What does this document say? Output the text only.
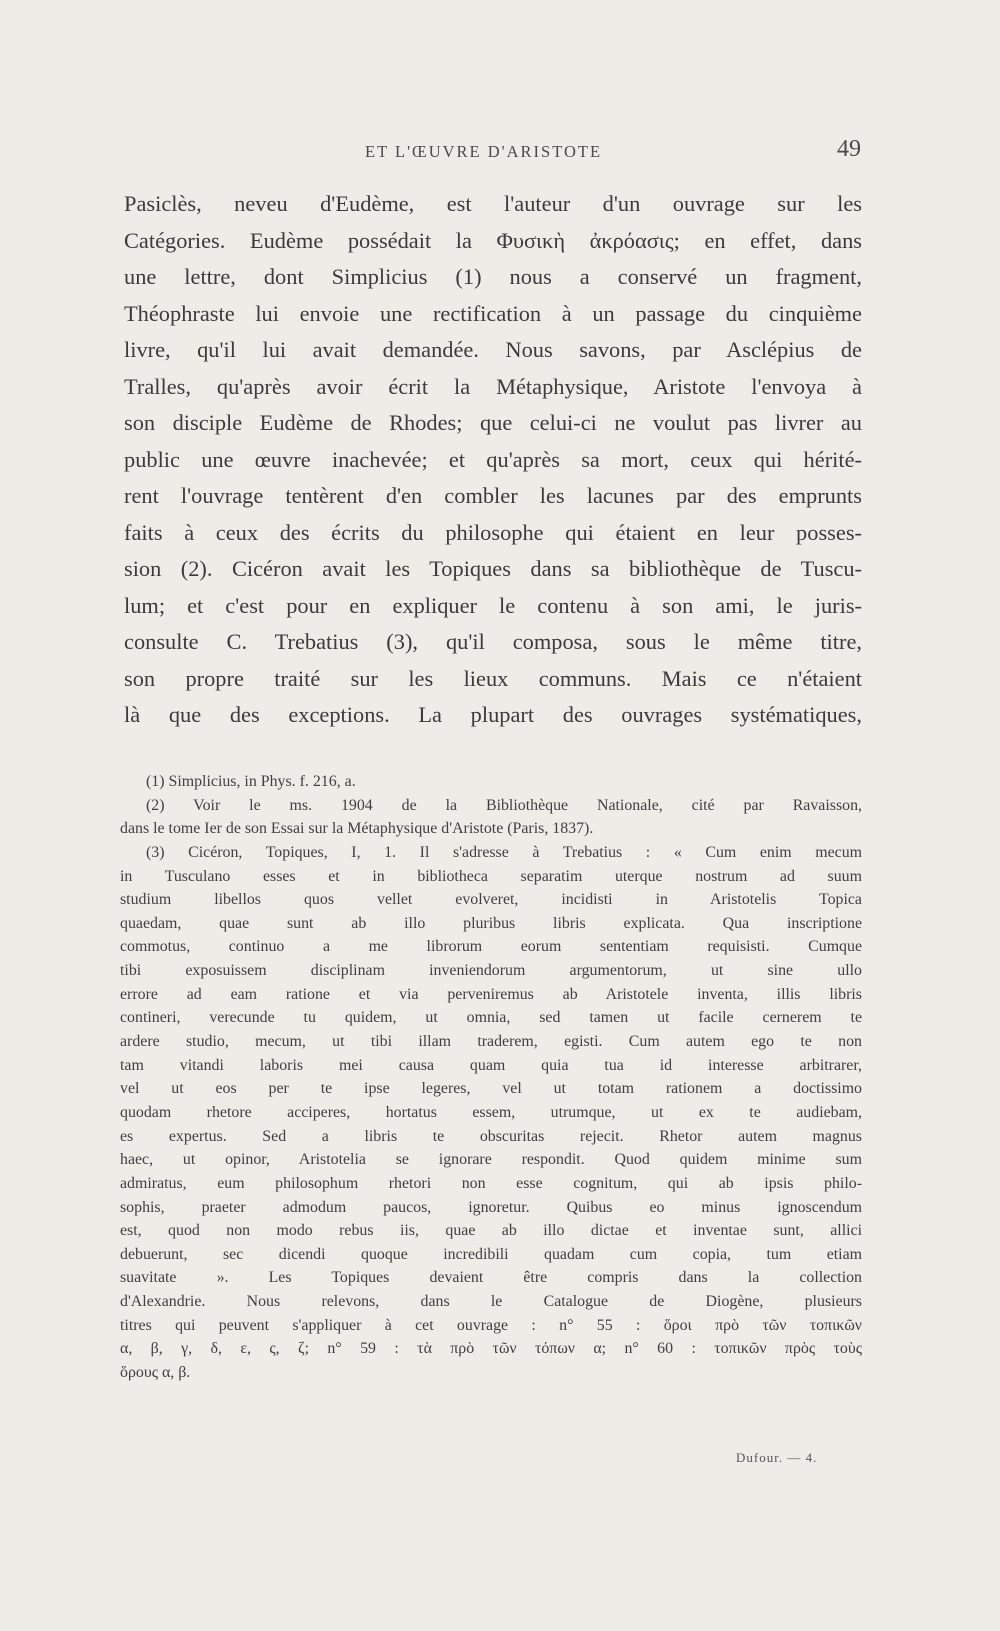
ET L'ŒUVRE D'ARISTOTE	49
Pasiclès, neveu d'Eudème, est l'auteur d'un ouvrage sur les
Catégories. Eudème possédait la Φυσικὴ ἀκρόασις; en effet, dans
une lettre, dont Simplicius (1) nous a conservé un fragment,
Théophraste lui envoie une rectification à un passage du cinquième
livre, qu'il lui avait demandée. Nous savons, par Asclépius de
Tralles, qu'après avoir écrit la Métaphysique, Aristote l'envoya à
son disciple Eudème de Rhodes; que celui-ci ne voulut pas livrer au
public une œuvre inachevée; et qu'après sa mort, ceux qui hérité-
rent l'ouvrage tentèrent d'en combler les lacunes par des emprunts
faits à ceux des écrits du philosophe qui étaient en leur posses-
sion (2). Cicéron avait les Topiques dans sa bibliothèque de Tuscu-
lum; et c'est pour en expliquer le contenu à son ami, le juris-
consulte C. Trebatius (3), qu'il composa, sous le même titre,
son propre traité sur les lieux communs. Mais ce n'étaient
là que des exceptions. La plupart des ouvrages systématiques,
(1) Simplicius, in Phys. f. 216, a.
(2) Voir le ms. 1904 de la Bibliothèque Nationale, cité par Ravaisson,
dans le tome Ier de son Essai sur la Métaphysique d'Aristote (Paris, 1837).
(3) Cicéron, Topiques, I, 1. Il s'adresse à Trebatius : « Cum enim mecum
in Tusculano esses et in bibliotheca separatim uterque nostrum ad suum
studium libellos quos vellet evolveret, incidisti in Aristotelis Topica
quaedam, quae sunt ab illo pluribus libris explicata. Qua inscriptione
commotus, continuo a me librorum eorum sententiam requisisti. Cumque
tibi exposuissem disciplinam inveniendorum argumentorum, ut sine ullo
errore ad eam ratione et via perveniremus ab Aristotele inventa, illis libris
contineri, verecunde tu quidem, ut omnia, sed tamen ut facile cernerem te
ardere studio, mecum, ut tibi illam traderem, egisti. Cum autem ego te non
tam vitandi laboris mei causa quam quia tua id interesse arbitrarer,
vel ut eos per te ipse legeres, vel ut totam rationem a doctissimo
quodam rhetore acciperes, hortatus essem, utrumque, ut ex te audiebam,
es expertus. Sed a libris te obscuritas rejecit. Rhetor autem magnus
haec, ut opinor, Aristotelia se ignorare respondit. Quod quidem minime sum
admiratus, eum philosophum rhetori non esse cognitum, qui ab ipsis philo-
sophis, praeter admodum paucos, ignoretur. Quibus eo minus ignoscendum
est, quod non modo rebus iis, quae ab illo dictae et inventae sunt, allici
debuerunt, sec dicendi quoque incredibili quadam cum copia, tum etiam
suavitate ». Les Topiques devaient être compris dans la collection
d'Alexandrie. Nous relevons, dans le Catalogue de Diogène, plusieurs
titres qui peuvent s'appliquer à cet ouvrage : n° 55 : ὅροι πρὸ τῶν τοπικῶν
α, β, γ, δ, ε, ς, ζ; n° 59 : τὰ πρὸ τῶν τόπων α; n° 60 : τοπικῶν πρὸς τοὺς
ὅρους α, β.
Dufour. — 4.
